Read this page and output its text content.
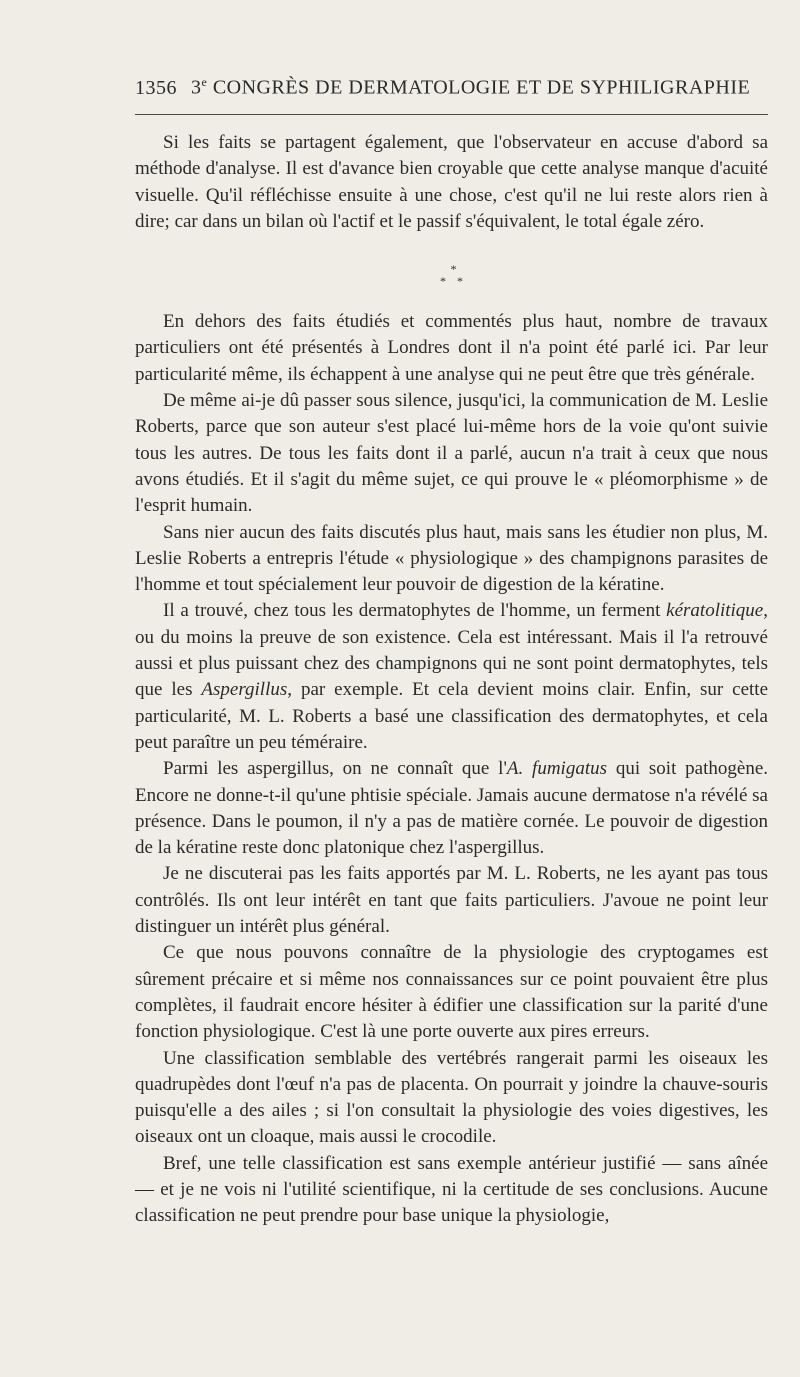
1356 3e CONGRÈS DE DERMATOLOGIE ET DE SYPHILIGRAPHIE

Si les faits se partagent également, que l'observateur en accuse d'abord sa méthode d'analyse. Il est d'avance bien croyable que cette analyse manque d'acuité visuelle. Qu'il réfléchisse ensuite à une chose, c'est qu'il ne lui reste alors rien à dire; car dans un bilan où l'actif et le passif s'équivalent, le total égale zéro.

*
* *

En dehors des faits étudiés et commentés plus haut, nombre de travaux particuliers ont été présentés à Londres dont il n'a point été parlé ici. Par leur particularité même, ils échappent à une analyse qui ne peut être que très générale.

De même ai-je dû passer sous silence, jusqu'ici, la communication de M. Leslie Roberts, parce que son auteur s'est placé lui-même hors de la voie qu'ont suivie tous les autres. De tous les faits dont il a parlé, aucun n'a trait à ceux que nous avons étudiés. Et il s'agit du même sujet, ce qui prouve le « pléomorphisme » de l'esprit humain.

Sans nier aucun des faits discutés plus haut, mais sans les étudier non plus, M. Leslie Roberts a entrepris l'étude « physiologique » des champignons parasites de l'homme et tout spécialement leur pouvoir de digestion de la kératine.

Il a trouvé, chez tous les dermatophytes de l'homme, un ferment kératolitique, ou du moins la preuve de son existence. Cela est intéressant. Mais il l'a retrouvé aussi et plus puissant chez des champignons qui ne sont point dermatophytes, tels que les Aspergillus, par exemple. Et cela devient moins clair. Enfin, sur cette particularité, M. L. Roberts a basé une classification des dermatophytes, et cela peut paraître un peu téméraire.

Parmi les aspergillus, on ne connaît que l'A. fumigatus qui soit pathogène. Encore ne donne-t-il qu'une phtisie spéciale. Jamais aucune dermatose n'a révélé sa présence. Dans le poumon, il n'y a pas de matière cornée. Le pouvoir de digestion de la kératine reste donc platonique chez l'aspergillus.

Je ne discuterai pas les faits apportés par M. L. Roberts, ne les ayant pas tous contrôlés. Ils ont leur intérêt en tant que faits particuliers. J'avoue ne point leur distinguer un intérêt plus général.

Ce que nous pouvons connaître de la physiologie des cryptogames est sûrement précaire et si même nos connaissances sur ce point pouvaient être plus complètes, il faudrait encore hésiter à édifier une classification sur la parité d'une fonction physiologique. C'est là une porte ouverte aux pires erreurs.

Une classification semblable des vertébrés rangerait parmi les oiseaux les quadrupèdes dont l'œuf n'a pas de placenta. On pourrait y joindre la chauve-souris puisqu'elle a des ailes ; si l'on consultait la physiologie des voies digestives, les oiseaux ont un cloaque, mais aussi le crocodile.

Bref, une telle classification est sans exemple antérieur justifié — sans aînée — et je ne vois ni l'utilité scientifique, ni la certitude de ses conclusions. Aucune classification ne peut prendre pour base unique la physiologie,
